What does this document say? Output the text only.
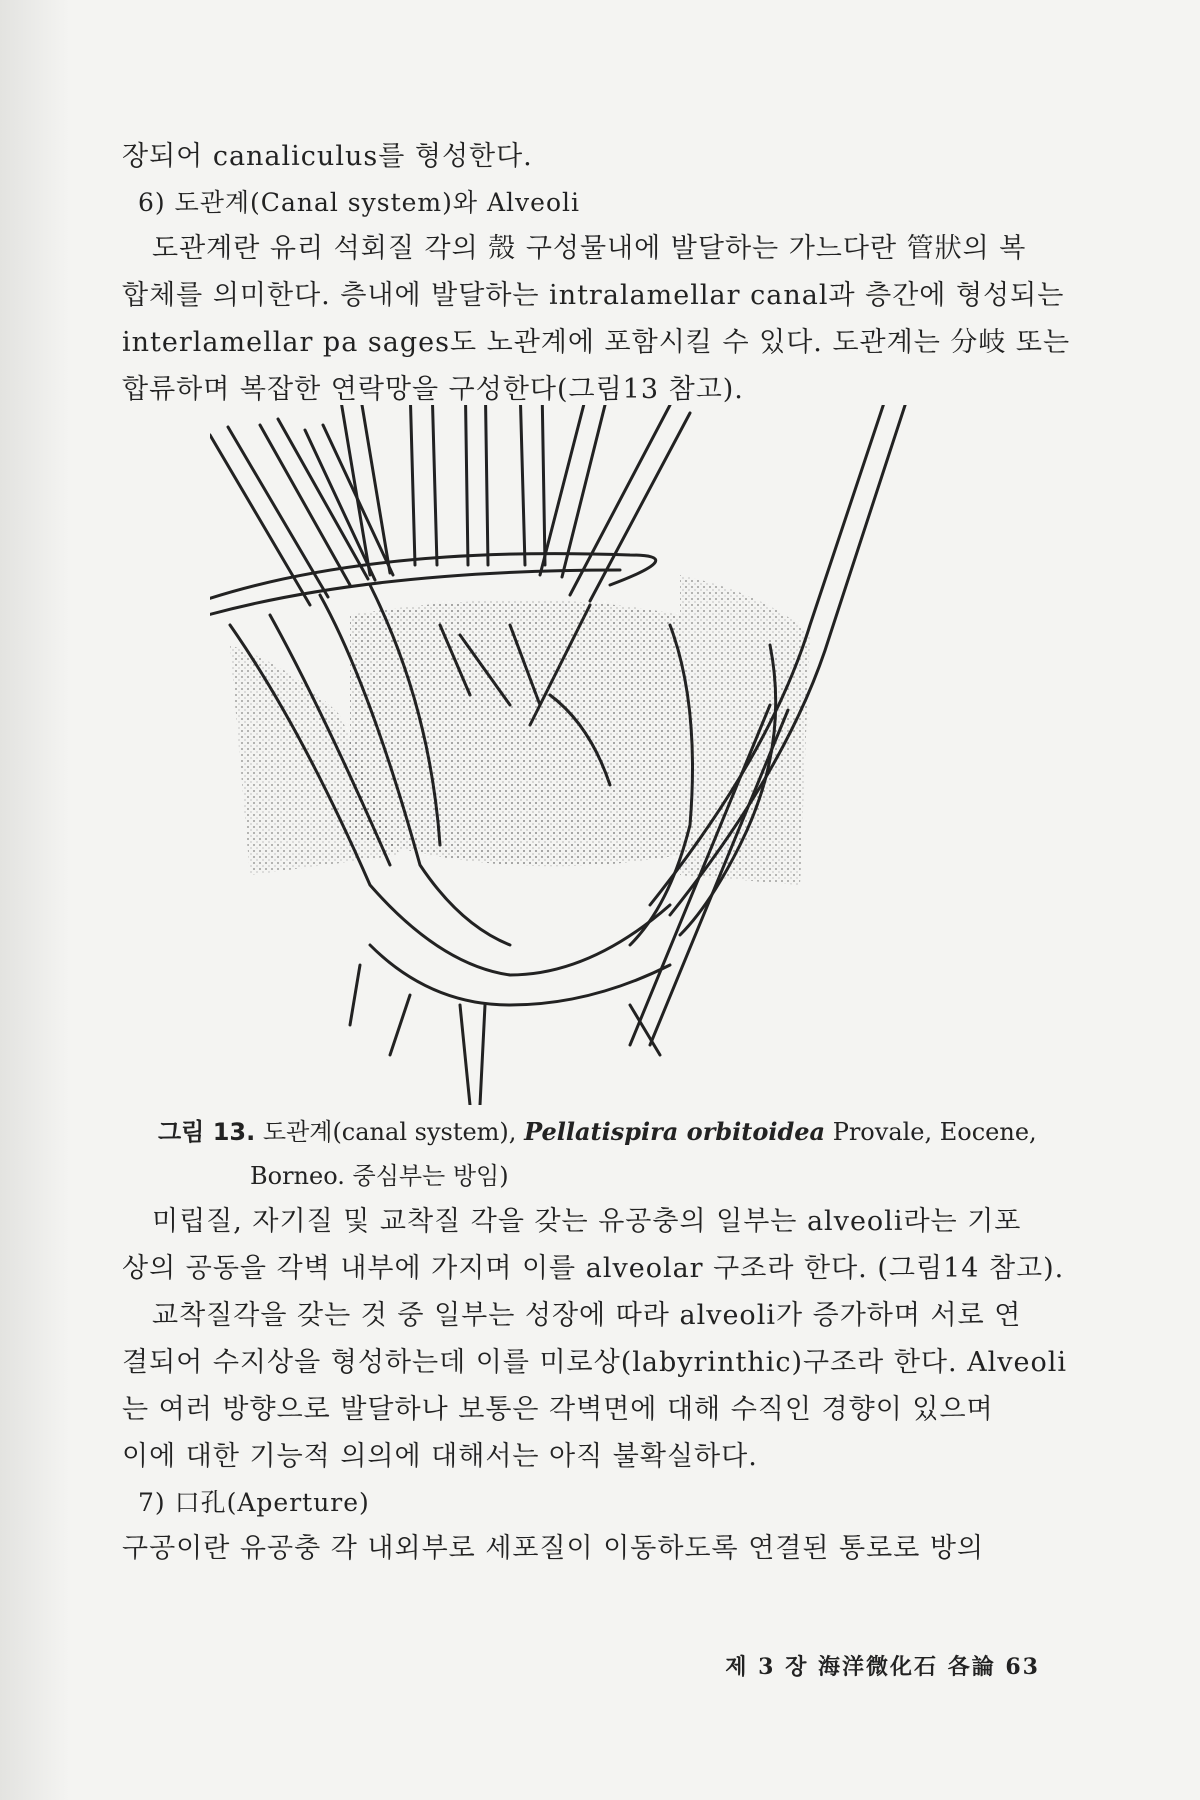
장되어 canaliculus를 형성한다.
6) 도관계(Canal system)와 Alveoli
도관계란 유리 석회질 각의 殼 구성물내에 발달하는 가느다란 管狀의 복
합체를 의미한다. 층내에 발달하는 intralamellar canal과 층간에 형성되는
interlamellar pa sages도 노관계에 포함시킬 수 있다. 도관계는 分岐 또는
합류하며 복잡한 연락망을 구성한다(그림13 참고).
그림 13. 도관계(canal system), Pellatispira orbitoidea Provale, Eocene,
Borneo. 중심부는 방임)
미립질, 자기질 및 교착질 각을 갖는 유공충의 일부는 alveoli라는 기포
상의 공동을 각벽 내부에 가지며 이를 alveolar 구조라 한다. (그림14 참고).
교착질각을 갖는 것 중 일부는 성장에 따라 alveoli가 증가하며 서로 연
결되어 수지상을 형성하는데 이를 미로상(labyrinthic)구조라 한다. Alveoli
는 여러 방향으로 발달하나 보통은 각벽면에 대해 수직인 경향이 있으며
이에 대한 기능적 의의에 대해서는 아직 불확실하다.
7) 口孔(Aperture)
구공이란 유공충 각 내외부로 세포질이 이동하도록 연결된 통로로 방의
제 3 장 海洋微化石 各論 63
